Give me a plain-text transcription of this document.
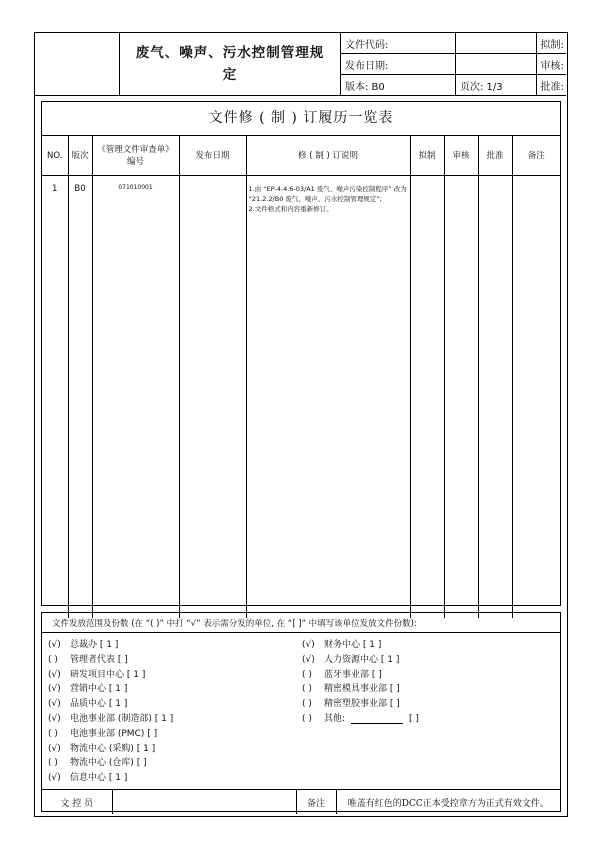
	废气、噪声、污水控制管理规定	文件代码:		拟制:
		发布日期:		审核:
		版本: B0	页次: 1/3	批准:
文件修 ( 制 ) 订履历一览表
NO.	版次	《管理文件审查单》编号	发布日期	修 ( 制 ) 订说明	拟制	审核	批准	备注
1	B0	071010001		1.由 “EP-4.4.6-03/A1 废气、噪声污染控制程序” 改为 “21.2.2/B0 废气、噪声、污水控制管理规定”;
2.文件格式和内容重新修订。				

文件发放范围及份数 (在 “( )” 中打 “√” 表示需分发的单位, 在 “[ ]” 中填写该单位发放文件份数):
(√) 总裁办 [ 1 ]
( ) 管理者代表 [ ]
(√) 研发项目中心 [ 1 ]
(√) 营销中心 [ 1 ]
(√) 品质中心 [ 1 ]
(√) 电池事业部 (制造部) [ 1 ]
( ) 电池事业部 (PMC) [ ]
(√) 物流中心 (采购) [ 1 ]
( ) 物流中心 (仓库) [ ]
(√) 信息中心 [ 1 ]
(√) 财务中心 [ 1 ]
(√) 人力资源中心 [ 1 ]
( ) 蓝牙事业部 [ ]
( ) 精密模具事业部 [ ]
( ) 精密塑胶事业部 [ ]
( ) 其他:	[ ]
文 控 员		备注	唯盖有红色的DCC正本受控章方为正式有效文件。
